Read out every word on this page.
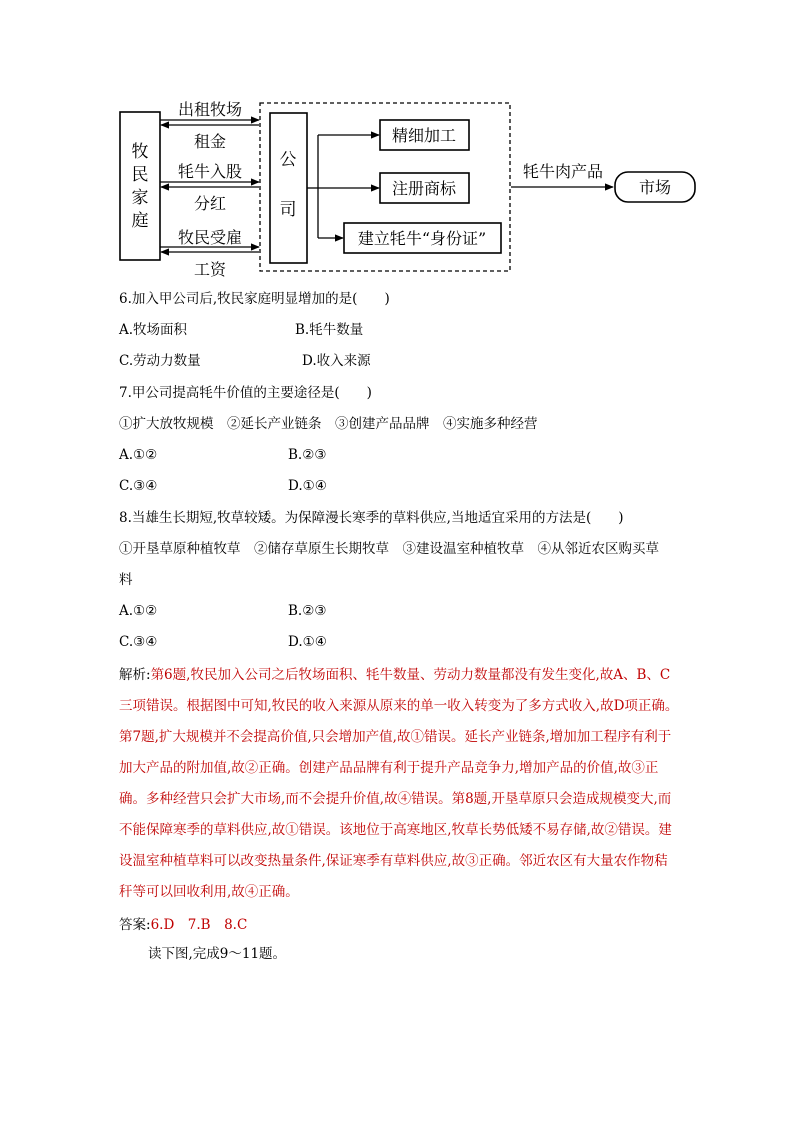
牧
民
家
庭
公
司
出租牧场
租金
牦牛入股
分红
牧民受雇
工资
精细加工
注册商标
建立牦牛“身份证”
牦牛肉产品
市场
6.加入甲公司后,牧民家庭明显增加的是(　　)
A.牧场面积	B.牦牛数量
C.劳动力数量	D.收入来源
7.甲公司提高牦牛价值的主要途径是(　　)
①扩大放牧规模　②延长产业链条　③创建产品品牌　④实施多种经营
A.①②	B.②③
C.③④	D.①④
8.当雄生长期短,牧草较矮。为保障漫长寒季的草料供应,当地适宜采用的方法是(　　)
①开垦草原种植牧草　②储存草原生长期牧草　③建设温室种植牧草　④从邻近农区购买草
料
A.①②	B.②③
C.③④	D.①④
解析:第6题,牧民加入公司之后牧场面积、牦牛数量、劳动力数量都没有发生变化,故A、B、C三项错误。根据图中可知,牧民的收入来源从原来的单一收入转变为了多方式收入,故D项正确。第7题,扩大规模并不会提高价值,只会增加产值,故①错误。延长产业链条,增加加工程序有利于加大产品的附加值,故②正确。创建产品品牌有利于提升产品竞争力,增加产品的价值,故③正确。多种经营只会扩大市场,而不会提升价值,故④错误。第8题,开垦草原只会造成规模变大,而不能保障寒季的草料供应,故①错误。该地位于高寒地区,牧草长势低矮不易存储,故②错误。建设温室种植草料可以改变热量条件,保证寒季有草料供应,故③正确。邻近农区有大量农作物秸秆等可以回收利用,故④正确。
答案:6.D　7.B　8.C
读下图,完成9～11题。
